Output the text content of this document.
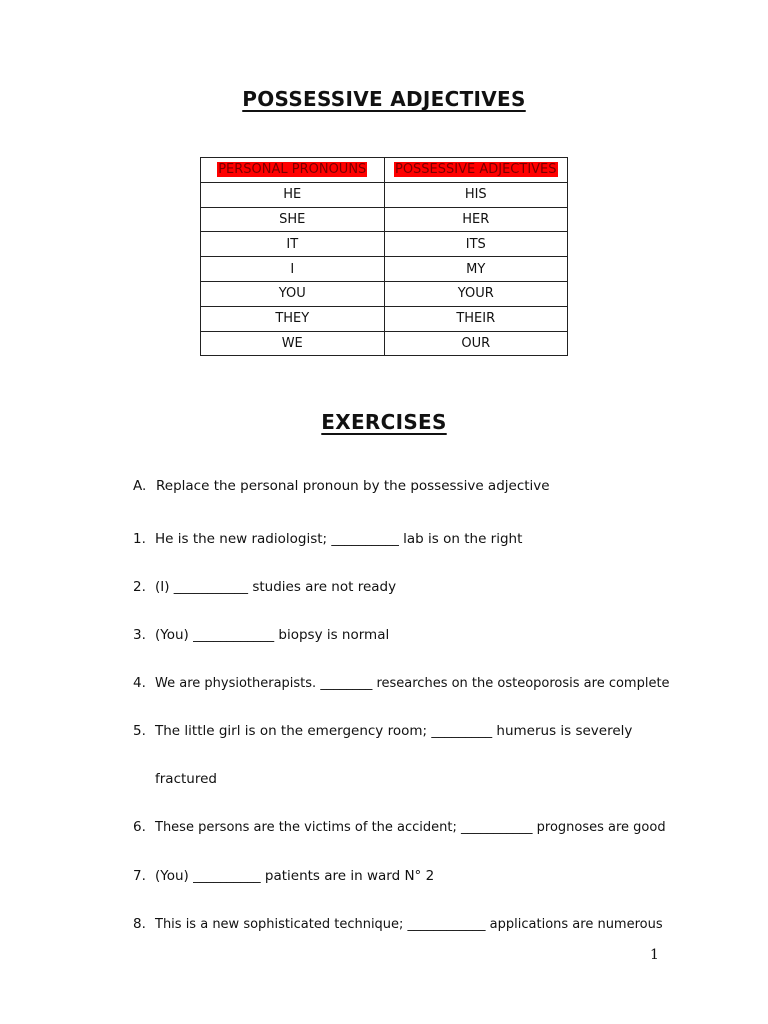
POSSESSIVE ADJECTIVES
PERSONAL PRONOUNS	POSSESSIVE ADJECTIVES
HE	HIS
SHE	HER
IT	ITS
I	MY
YOU	YOUR
THEY	THEIR
WE	OUR
EXERCISES
A. Replace the personal pronoun by the possessive adjective
1. He is the new radiologist; __________ lab is on the right
2. (I) ___________ studies are not ready
3. (You) ____________ biopsy is normal
4. We are physiotherapists. ________ researches on the osteoporosis are complete
5. The little girl is on the emergency room; _________ humerus is severely
fractured
6. These persons are the victims of the accident; ___________ prognoses are good
7. (You) __________ patients are in ward N° 2
8. This is a new sophisticated technique; ____________ applications are numerous
1
